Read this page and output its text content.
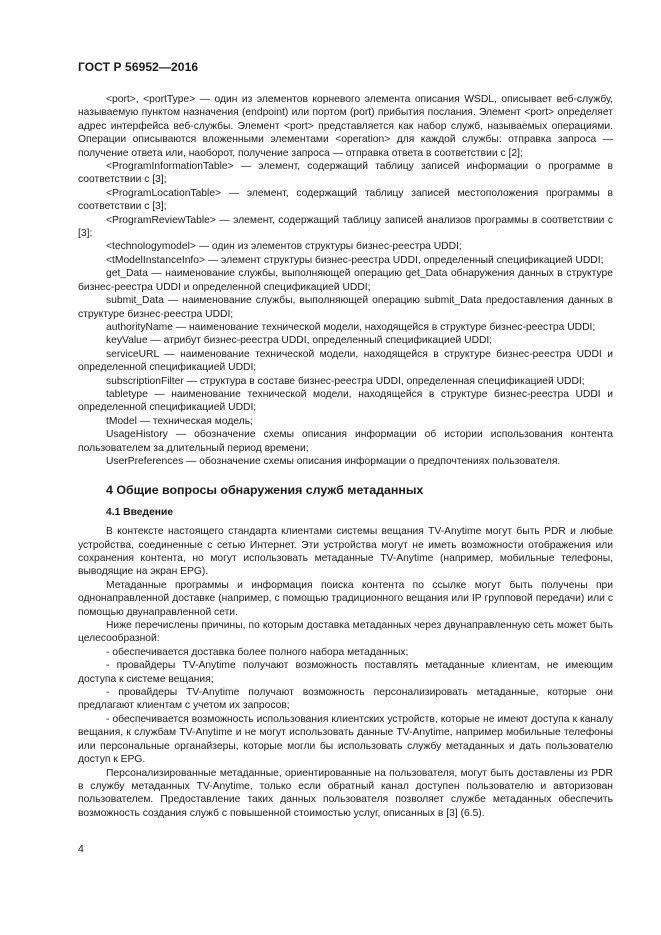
ГОСТ Р 56952—2016

<port>, <portType> — один из элементов корневого элемента описания WSDL, описывает веб-службу, называемую пунктом назначения (endpoint) или портом (port) прибытия послания. Элемент <port> определяет адрес интерфейса веб-службы. Элемент <port> представляется как набор служб, называемых операциями. Операции описываются вложенными элементами <operation> для каждой службы: отправка запроса — получение ответа или, наоборот, получение запроса — отправка ответа в соответствии с [2];

<ProgramInformationTable> — элемент, содержащий таблицу записей информации о программе в соответствии с [3];

<ProgramLocationTable> — элемент, содержащий таблицу записей местоположения программы в соответствии с [3];

<ProgramReviewTable> — элемент, содержащий таблицу записей анализов программы в соответствии с [3];

<technologymodel> — один из элементов структуры бизнес-реестра UDDI;

<tModelInstanceInfo> — элемент структуры бизнес-реестра UDDI, определенный спецификацией UDDI;

get_Data — наименование службы, выполняющей операцию get_Data обнаружения данных в структуре бизнес-реестра UDDI и определенной спецификацией UDDI;

submit_Data — наименование службы, выполняющей операцию submit_Data предоставления данных в структуре бизнес-реестра UDDI;

authorityName — наименование технической модели, находящейся в структуре бизнес-реестра UDDI;

keyValue — атрибут бизнес-реестра UDDI, определенный спецификацией UDDI;

serviceURL — наименование технической модели, находящейся в структуре бизнес-реестра UDDI и определенной спецификацией UDDI;

subscriptionFilter — структура в составе бизнес-реестра UDDI, определенная спецификацией UDDI;

tabletype — наименование технической модели, находящейся в структуре бизнес-реестра UDDI и определенной спецификацией UDDI;

tModel — техническая модель;

UsageHistory — обозначение схемы описания информации об истории использования контента пользователем за длительный период времени;

UserPreferences — обозначение схемы описания информации о предпочтениях пользователя.

4 Общие вопросы обнаружения служб метаданных
4.1 Введение

В контексте настоящего стандарта клиентами системы вещания TV-Anytime могут быть PDR и любые устройства, соединенные с сетью Интернет. Эти устройства могут не иметь возможности отображения или сохранения контента, но могут использовать метаданные TV-Anytime (например, мобильные телефоны, выводящие на экран EPG).

Метаданные программы и информация поиска контента по ссылке могут быть получены при однонаправленной доставке (например, с помощью традиционного вещания или IP групповой передачи) или с помощью двунаправленной сети.

Ниже перечислены причины, по которым доставка метаданных через двунаправленную сеть может быть целесообразной:

- обеспечивается доставка более полного набора метаданных;

- провайдеры TV-Anytime получают возможность поставлять метаданные клиентам, не имеющим доступа к системе вещания;

- провайдеры TV-Anytime получают возможность персонализировать метаданные, которые они предлагают клиентам с учетом их запросов;

- обеспечивается возможность использования клиентских устройств, которые не имеют доступа к каналу вещания, к службам TV-Anytime и не могут использовать данные TV-Anytime, например мобильные телефоны или персональные органайзеры, которые могли бы использовать службу метаданных и дать пользователю доступ к EPG.

Персонализированные метаданные, ориентированные на пользователя, могут быть доставлены из PDR в службу метаданных TV-Anytime, только если обратный канал доступен пользователю и авторизован пользователем. Предоставление таких данных пользователя позволяет службе метаданных обеспечить возможность создания служб с повышенной стоимостью услуг, описанных в [3] (6.5).

4
